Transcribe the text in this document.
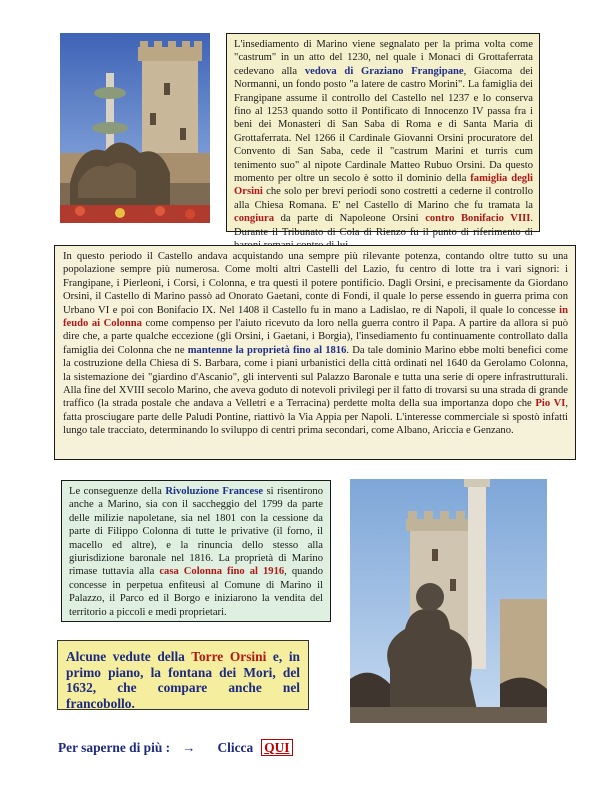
L'insediamento di Marino viene segnalato per la prima volta come "castrum" in un atto del 1230, nel quale i Monaci di Grottaferrata cedevano alla vedova di Graziano Frangipane, Giacoma dei Normanni, un fondo posto "a latere de castro Morini". La famiglia dei Frangipane assume il controllo del Castello nel 1237 e lo conserva fino al 1253 quando sotto il Pontificato di Innocenzo IV passa fra i beni dei Monasteri di San Saba di Roma e di Santa Maria di Grottaferrata. Nel 1266 il Cardinale Giovanni Orsini procuratore del Convento di San Saba, cede il "castrum Marini et turris cum tenimento suo" al nipote Cardinale Matteo Rubuo Orsini. Da questo momento per oltre un secolo è sotto il dominio della famiglia degli Orsini che solo per brevi periodi sono costretti a cederne il controllo alla Chiesa Romana. E' nel Castello di Marino che fu tramata la congiura da parte di Napoleone Orsini contro Bonifacio VIII. Durante il Tribunato di Cola di Rienzo fu il punto di riferimento di
In questo periodo il Castello andava acquistando una sempre più rilevante potenza, contando oltre tutto su una popolazione sempre più numerosa. Come molti altri Castelli del Lazio, fu centro di lotte tra i vari signori: i Frangipane, i Pierleoni, i Corsi, i Colonna, e tra questi il potere pontificio. Dagli Orsini, e precisamente da Giordano Orsini, il Castello di Marino passò ad Onorato Gaetani, conte di Fondi, il quale lo perse essendo in guerra prima con Urbano VI e poi con Bonifacio IX. Nel 1408 il Castello fu in mano a Ladislao, re di Napoli, il quale lo concesse in feudo ai Colonna come compenso per l'aiuto ricevuto da loro nella guerra contro il Papa. A partire da allora si può dire che, a parte qualche eccezione (gli Orsini, i Gaetani, i Borgia), l'insediamento fu continuamente controllato dalla famiglia dei Colonna che ne mantenne la proprietà fino al 1816. Da tale dominio Marino ebbe molti benefici come la costruzione della Chiesa di S. Barbara, come i piani urbanistici della città ordinati nel 1640 da Gerolamo Colonna, la sistemazione dei "giardino d'Ascanio", gli interventi sul Palazzo Baronale e tutta una serie di opere infrastrutturali. Alla fine del XVIII secolo Marino, che aveva goduto di notevoli privilegi per il fatto di trovarsi su una strada di grande traffico (la strada postale che andava a Velletri e a Terracina) perdette molta della sua importanza dopo che Pio VI, fatta prosciugare parte delle Paludi Pontine, riattivò la Via Appia per Napoli. L'interesse commerciale si spostò infatti lungo tale tracciato, determinando lo sviluppo di centri prima secondari, come Albano, Ariccia e Genzano.
Le conseguenze della Rivoluzione Francese si risentirono anche a Marino, sia con il saccheggio del 1799 da parte delle milizie napoletane, sia nel 1801 con la cessione da parte di Filippo Colonna di tutte le privative (il forno, il macello ed altre), e la rinuncia dello stesso alla giurisdizione baronale nel 1816. La proprietà di Marino rimase tuttavia alla casa Colonna fino al 1916, quando concesse in perpetua enfiteusi al Comune di Marino il Palazzo, il Parco ed il Borgo e iniziarono la vendita del territorio a piccoli e medi proprietari.
Alcune vedute della Torre Orsini e, in primo piano, la fontana dei Mori, del 1632, che compare anche nel francobollo.
Per saperne di più : → Clicca QUI
